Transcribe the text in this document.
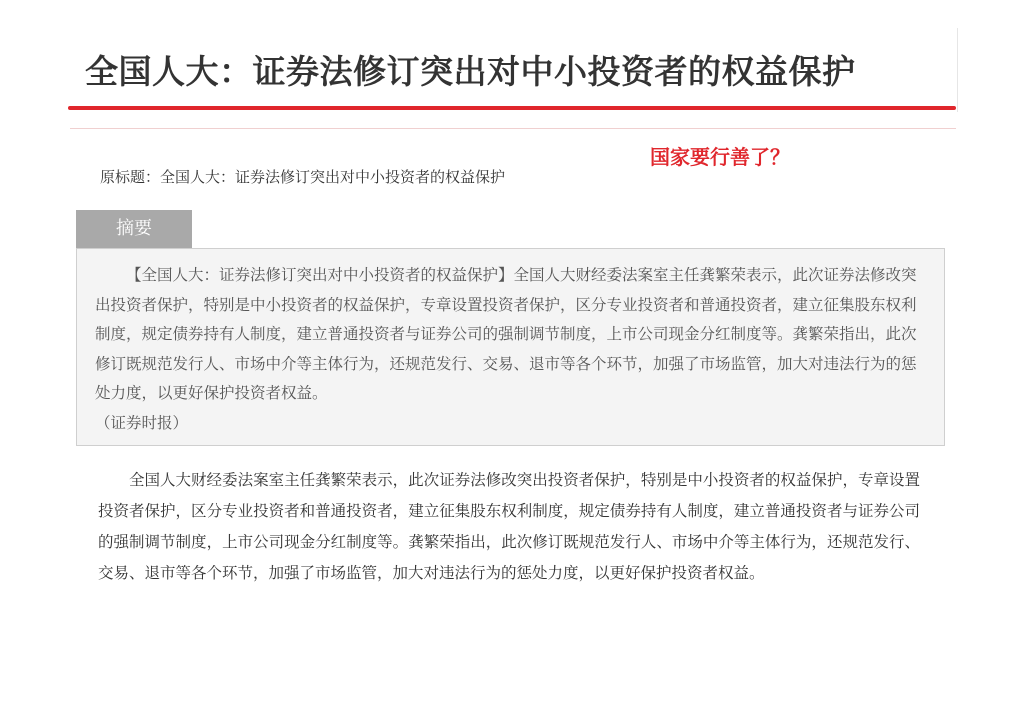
全国人大：证券法修订突出对中小投资者的权益保护
国家要行善了？
原标题：全国人大：证券法修订突出对中小投资者的权益保护
摘要

【全国人大：证券法修订突出对中小投资者的权益保护】全国人大财经委法案室主任龚繁荣表示，此次证券法修改突出投资者保护，特别是中小投资者的权益保护，专章设置投资者保护，区分专业投资者和普通投资者，建立征集股东权利制度，规定债券持有人制度，建立普通投资者与证券公司的强制调节制度，上市公司现金分红制度等。龚繁荣指出，此次修订既规范发行人、市场中介等主体行为，还规范发行、交易、退市等各个环节，加强了市场监管，加大对违法行为的惩处力度，以更好保护投资者权益。

（证券时报）

全国人大财经委法案室主任龚繁荣表示，此次证券法修改突出投资者保护，特别是中小投资者的权益保护，专章设置投资者保护，区分专业投资者和普通投资者，建立征集股东权利制度，规定债券持有人制度，建立普通投资者与证券公司的强制调节制度，上市公司现金分红制度等。龚繁荣指出，此次修订既规范发行人、市场中介等主体行为，还规范发行、交易、退市等各个环节，加强了市场监管，加大对违法行为的惩处力度，以更好保护投资者权益。
